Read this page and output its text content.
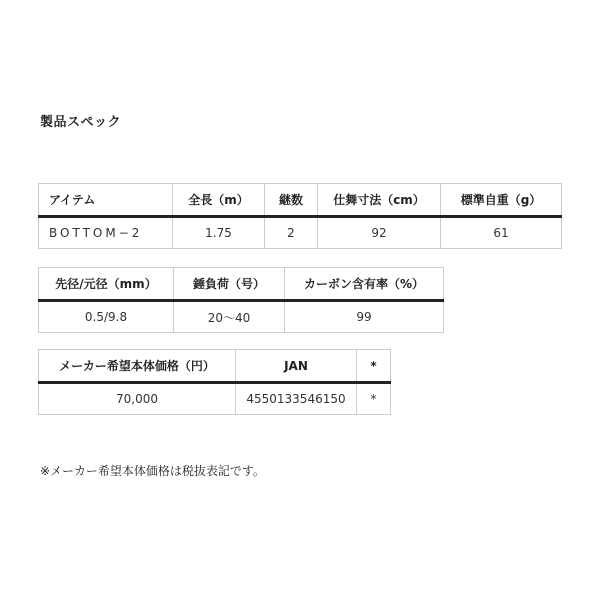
製品スペック
アイテム	全長（m）	継数	仕舞寸法（cm）	標準自重（g）
BOTTOM−2	1.75	2	92	61
先径/元径（mm）	錘負荷（号）	カーボン含有率（%）
0.5/9.8	20〜40	99
メーカー希望本体価格（円）	JAN	*
70,000	4550133546150	*
※メーカー希望本体価格は税抜表記です。
